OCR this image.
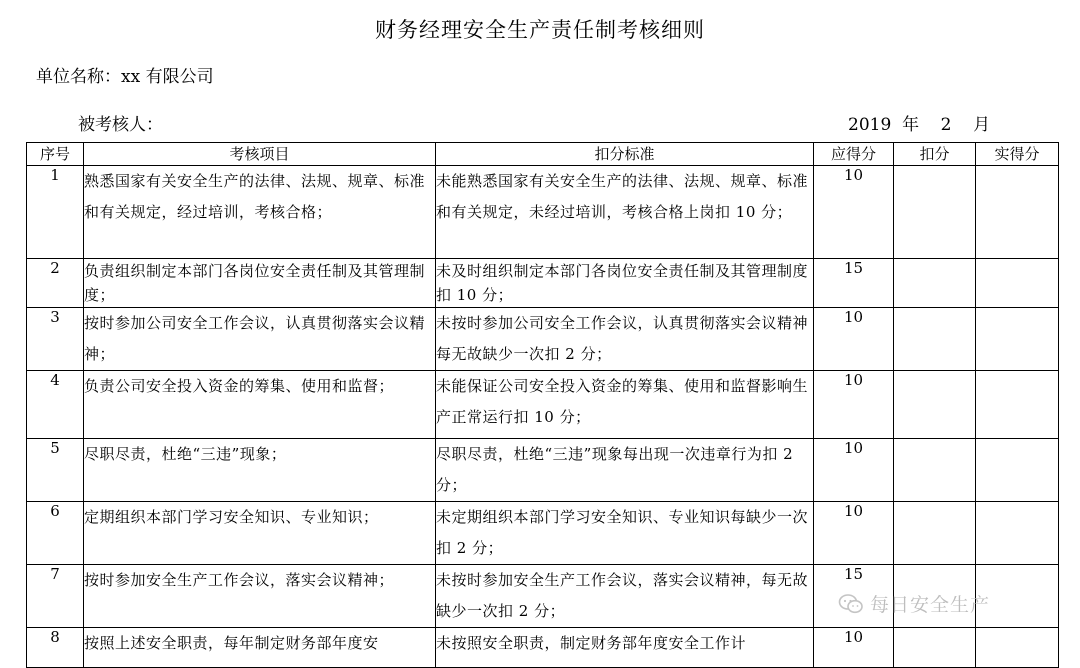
财务经理安全生产责任制考核细则
单位名称：xx 有限公司
被考核人：	2019  年    2    月
序号	考核项目	扣分标准	应得分	扣分	实得分
1	熟悉国家有关安全生产的法律、法规、规章、标准和有关规定，经过培训，考核合格；	未能熟悉国家有关安全生产的法律、法规、规章、标准和有关规定，未经过培训，考核合格上岗扣 10 分；	10		
2	负责组织制定本部门各岗位安全责任制及其管理制度；	未及时组织制定本部门各岗位安全责任制及其管理制度扣 10 分；	15		
3	按时参加公司安全工作会议，认真贯彻落实会议精神；	未按时参加公司安全工作会议，认真贯彻落实会议精神每无故缺少一次扣 2 分；	10		
4	负责公司安全投入资金的筹集、使用和监督；	未能保证公司安全投入资金的筹集、使用和监督影响生产正常运行扣 10 分；	10		
5	尽职尽责，杜绝“三违”现象；	尽职尽责，杜绝“三违”现象每出现一次违章行为扣 2 分；	10		
6	定期组织本部门学习安全知识、专业知识；	未定期组织本部门学习安全知识、专业知识每缺少一次扣 2 分；	10		
7	按时参加安全生产工作会议，落实会议精神；	未按时参加安全生产工作会议，落实会议精神，每无故缺少一次扣 2 分；	15		
8	按照上述安全职责，每年制定财务部年度安	未按照安全职责，制定财务部年度安全工作计	10		
每日安全生产
